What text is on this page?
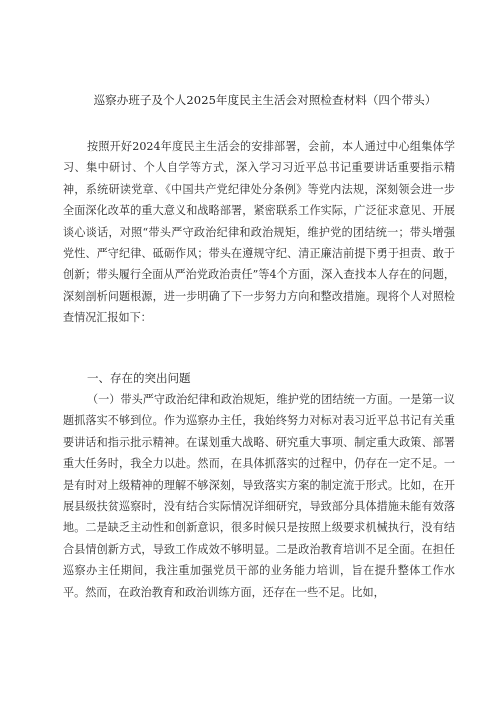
巡察办班子及个人2025年度民主生活会对照检查材料（四个带头）
按照开好2024年度民主生活会的安排部署，会前，本人通过中心组集体学习、集中研讨、个人自学等方式，深入学习习近平总书记重要讲话重要指示精神，系统研读党章、《中国共产党纪律处分条例》等党内法规，深刻领会进一步全面深化改革的重大意义和战略部署，紧密联系工作实际，广泛征求意见、开展谈心谈话，对照“带头严守政治纪律和政治规矩，维护党的团结统一；带头增强党性、严守纪律、砥砺作风；带头在遵规守纪、清正廉洁前提下勇于担责、敢于创新；带头履行全面从严治党政治责任”等4个方面，深入查找本人存在的问题，深刻剖析问题根源，进一步明确了下一步努力方向和整改措施。现将个人对照检查情况汇报如下：
一、存在的突出问题
（一）带头严守政治纪律和政治规矩，维护党的团结统一方面。一是第一议题抓落实不够到位。作为巡察办主任，我始终努力对标对表习近平总书记有关重要讲话和指示批示精神。在谋划重大战略、研究重大事项、制定重大政策、部署重大任务时，我全力以赴。然而，在具体抓落实的过程中，仍存在一定不足。一是有时对上级精神的理解不够深刻，导致落实方案的制定流于形式。比如，在开展县级扶贫巡察时，没有结合实际情况详细研究，导致部分具体措施未能有效落地。二是缺乏主动性和创新意识，很多时候只是按照上级要求机械执行，没有结合县情创新方式，导致工作成效不够明显。二是政治教育培训不足全面。在担任巡察办主任期间，我注重加强党员干部的业务能力培训，旨在提升整体工作水平。然而，在政治教育和政治训练方面，还存在一些不足。比如，
